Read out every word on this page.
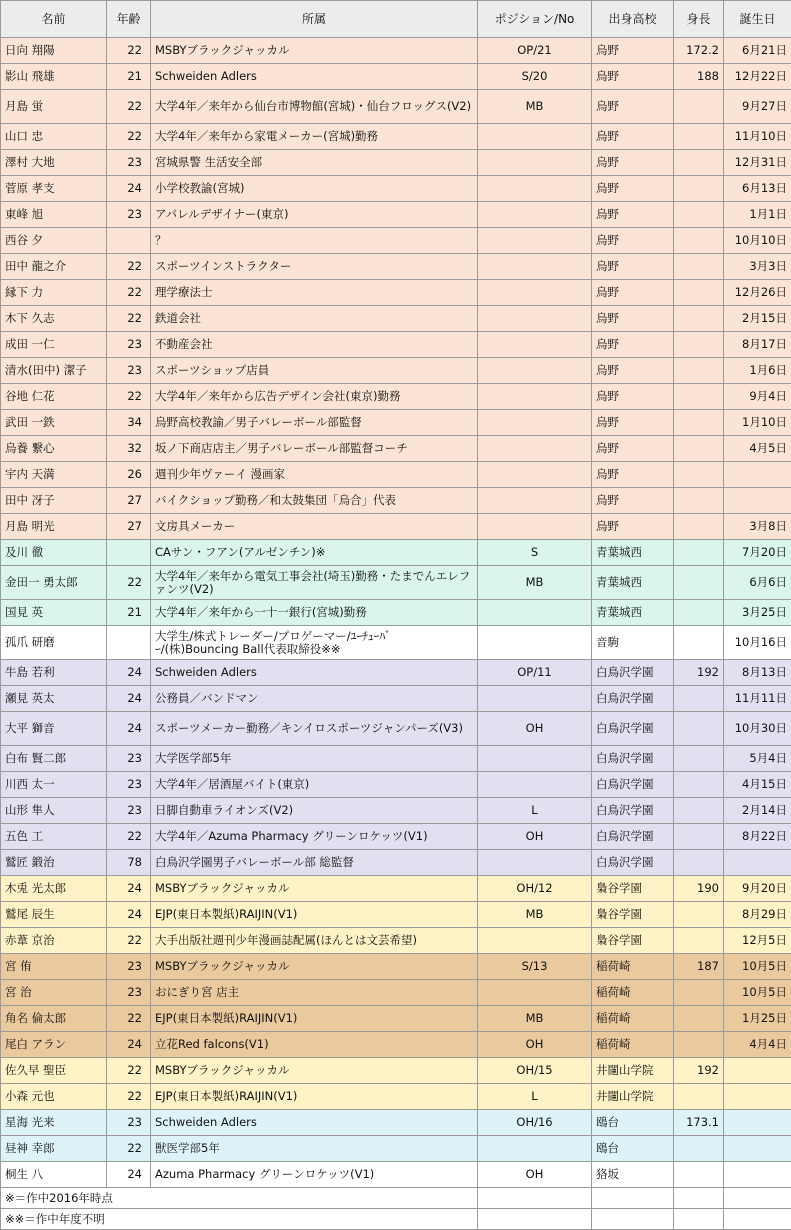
名前	年齢	所属	ポジション/No	出身高校	身長	誕生日
日向 翔陽	22	MSBYブラックジャッカル	OP/21	烏野	172.2	6月21日
影山 飛雄	21	Schweiden Adlers	S/20	烏野	188	12月22日
月島 蛍	22	大学4年／来年から仙台市博物館(宮城)・仙台フロッグス(V2)	MB	烏野		9月27日
山口 忠	22	大学4年／来年から家電メーカー(宮城)勤務		烏野		11月10日
澤村 大地	23	宮城県警 生活安全部		烏野		12月31日
菅原 孝支	24	小学校教諭(宮城)		烏野		6月13日
東峰 旭	23	アパレルデザイナー(東京)		烏野		1月1日
西谷 夕		？		烏野		10月10日
田中 龍之介	22	スポーツインストラクター		烏野		3月3日
縁下 力	22	理学療法士		烏野		12月26日
木下 久志	22	鉄道会社		烏野		2月15日
成田 一仁	23	不動産会社		烏野		8月17日
清水(田中) 潔子	23	スポーツショップ店員		烏野		1月6日
谷地 仁花	22	大学4年／来年から広告デザイン会社(東京)勤務		烏野		9月4日
武田 一鉄	34	烏野高校教諭／男子バレーボール部監督		烏野		1月10日
烏養 繋心	32	坂ノ下商店店主／男子バレーボール部監督コーチ		烏野		4月5日
宇内 天満	26	週刊少年ヴァーイ 漫画家		烏野		
田中 冴子	27	バイクショップ勤務／和太鼓集団「烏合」代表		烏野		
月島 明光	27	文房具メーカー		烏野		3月8日
及川 徹		CAサン・フアン(アルゼンチン)※	S	青葉城西		7月20日
金田一 勇太郎	22	大学4年／来年から電気工事会社(埼玉)勤務・たまでんエレファンツ(V2)	MB	青葉城西		6月6日
国見 英	21	大学4年／来年から一十一銀行(宮城)勤務		青葉城西		3月25日
孤爪 研磨		大学生/株式トレーダー/プロゲーマー/ﾕｰﾁｭｰﾊﾞｰ/(株)Bouncing Ball代表取締役※※		音駒		10月16日
牛島 若利	24	Schweiden Adlers	OP/11	白鳥沢学園	192	8月13日
瀬見 英太	24	公務員／バンドマン		白鳥沢学園		11月11日
大平 獅音	24	スポーツメーカー勤務／キンイロスポーツジャンパーズ(V3)	OH	白鳥沢学園		10月30日
白布 賢二郎	23	大学医学部5年		白鳥沢学園		5月4日
川西 太一	23	大学4年／居酒屋バイト(東京)		白鳥沢学園		4月15日
山形 隼人	23	日脚自動車ライオンズ(V2)	L	白鳥沢学園		2月14日
五色 工	22	大学4年／Azuma Pharmacy グリーンロケッツ(V1)	OH	白鳥沢学園		8月22日
鷲匠 鍛治	78	白鳥沢学園男子バレーボール部 総監督		白鳥沢学園		
木兎 光太郎	24	MSBYブラックジャッカル	OH/12	梟谷学園	190	9月20日
鷲尾 辰生	24	EJP(東日本製紙)RAIJIN(V1)	MB	梟谷学園		8月29日
赤葦 京治	22	大手出版社週刊少年漫画誌配属(ほんとは文芸希望)		梟谷学園		12月5日
宮 侑	23	MSBYブラックジャッカル	S/13	稲荷崎	187	10月5日
宮 治	23	おにぎり宮 店主		稲荷崎		10月5日
角名 倫太郎	22	EJP(東日本製紙)RAIJIN(V1)	MB	稲荷崎		1月25日
尾白 アラン	24	立花Red falcons(V1)	OH	稲荷崎		4月4日
佐久早 聖臣	22	MSBYブラックジャッカル	OH/15	井闥山学院	192	
小森 元也	22	EJP(東日本製紙)RAIJIN(V1)	L	井闥山学院		
星海 光来	23	Schweiden Adlers	OH/16	鴎台	173.1	
昼神 幸郎	22	獣医学部5年		鴎台		
桐生 八	24	Azuma Pharmacy グリーンロケッツ(V1)	OH	狢坂		
※＝作中2016年時点						
※※＝作中年度不明						
